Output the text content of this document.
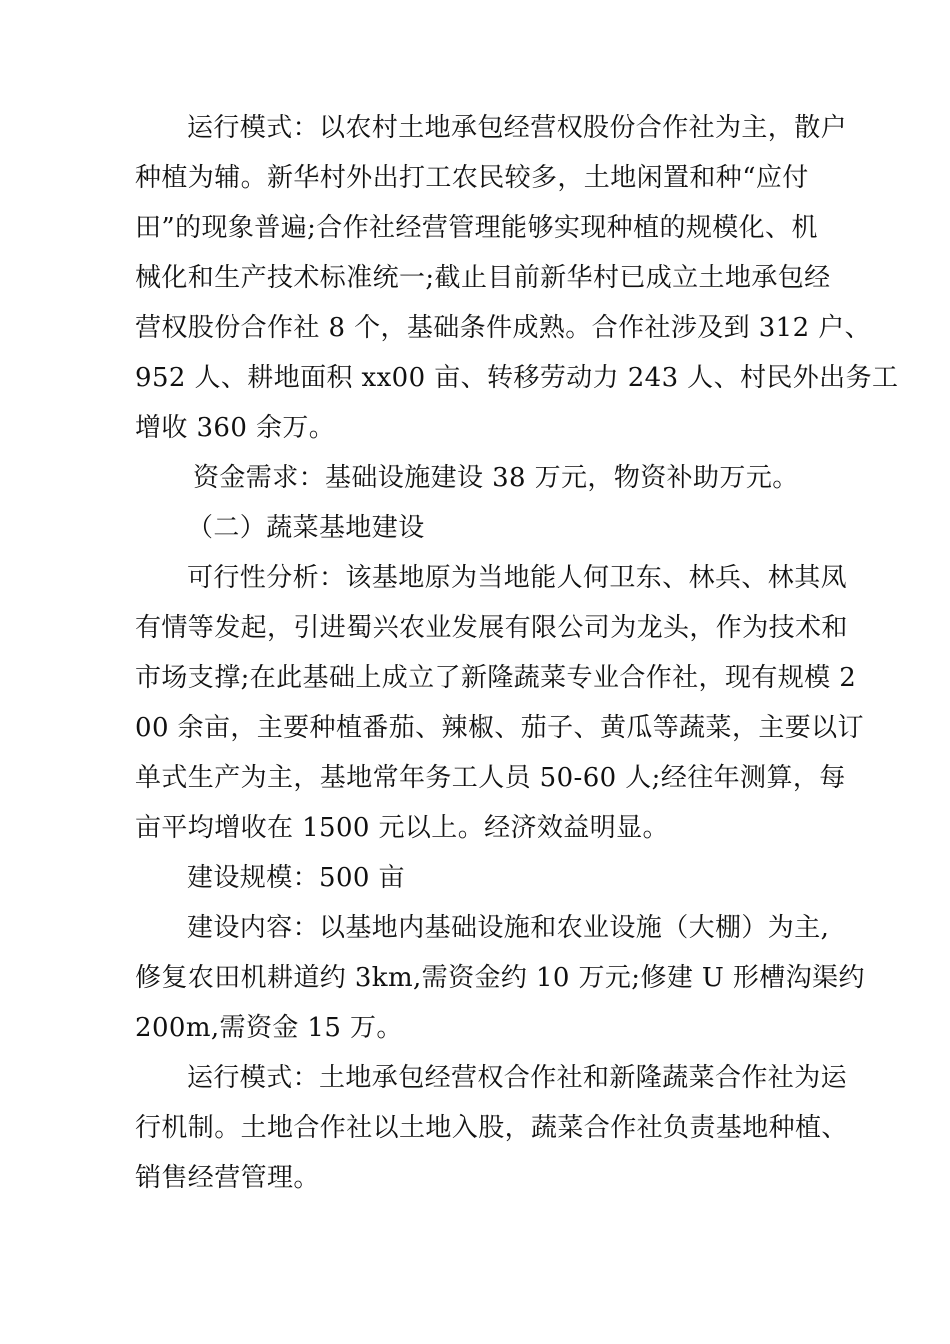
运行模式：以农村土地承包经营权股份合作社为主，散户
种植为辅。新华村外出打工农民较多，土地闲置和种“应付
田”的现象普遍;合作社经营管理能够实现种植的规模化、机
械化和生产技术标准统一;截止目前新华村已成立土地承包经
营权股份合作社 8 个，基础条件成熟。合作社涉及到 312 户、
952 人、耕地面积 xx00 亩、转移劳动力 243 人、村民外出务工
增收 360 余万。
资金需求：基础设施建设 38 万元，物资补助万元。
（二）蔬菜基地建设
可行性分析：该基地原为当地能人何卫东、林兵、林其凤
有情等发起，引进蜀兴农业发展有限公司为龙头，作为技术和
市场支撑;在此基础上成立了新隆蔬菜专业合作社，现有规模 2
00 余亩，主要种植番茄、辣椒、茄子、黄瓜等蔬菜，主要以订
单式生产为主，基地常年务工人员 50-60 人;经往年测算，每
亩平均增收在 1500 元以上。经济效益明显。
建设规模：500 亩
建设内容：以基地内基础设施和农业设施（大棚）为主,
修复农田机耕道约 3km,需资金约 10 万元;修建 U 形槽沟渠约
200m,需资金 15 万。
运行模式：土地承包经营权合作社和新隆蔬菜合作社为运
行机制。土地合作社以土地入股，蔬菜合作社负责基地种植、
销售经营管理。
